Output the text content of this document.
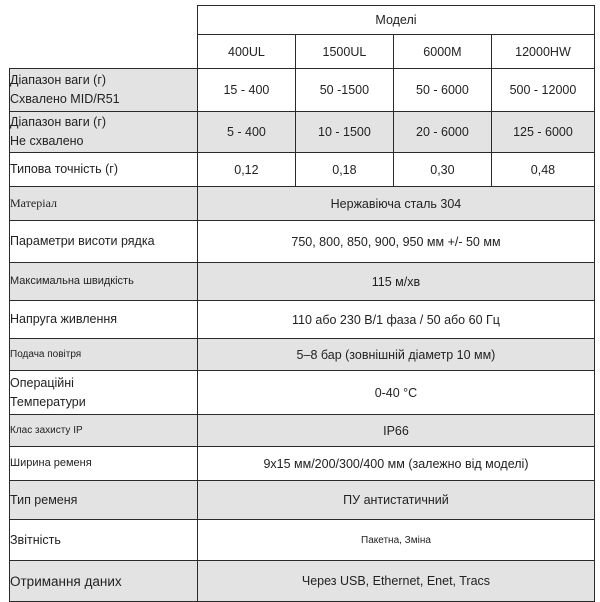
	Моделі			
	400UL	1500UL	6000M	12000HW

Діапазон ваги (г)
Схвалено MID/R51	15 - 400	50 -1500	50 - 6000	500 - 12000

Діапазон ваги (г)
Не схвалено	5 - 400	10 - 1500	20 - 6000	125 - 6000
Типова точність (г)	0,12	0,18	0,30	0,48
Матеріал	Нержавіюча сталь 304			
Параметри висоти рядка	750, 800, 850, 900, 950 мм +/- 50 мм			
Максимальна швидкість	115 м/хв			
Напруга живлення	110 або 230 В/1 фаза / 50 або 60 Гц			
Подача повітря	5–8 бар (зовнішній діаметр 10 мм)			

Операційні
Температури	0-40 °C			
Клас захисту IP	IP66			
Ширина ременя	9x15 мм/200/300/400 мм (залежно від моделі)			
Тип ременя	ПУ антистатичний			
Звітність	Пакетна, Зміна			
Отримання даних	Через USB, Ethernet, Enet, Tracs			
